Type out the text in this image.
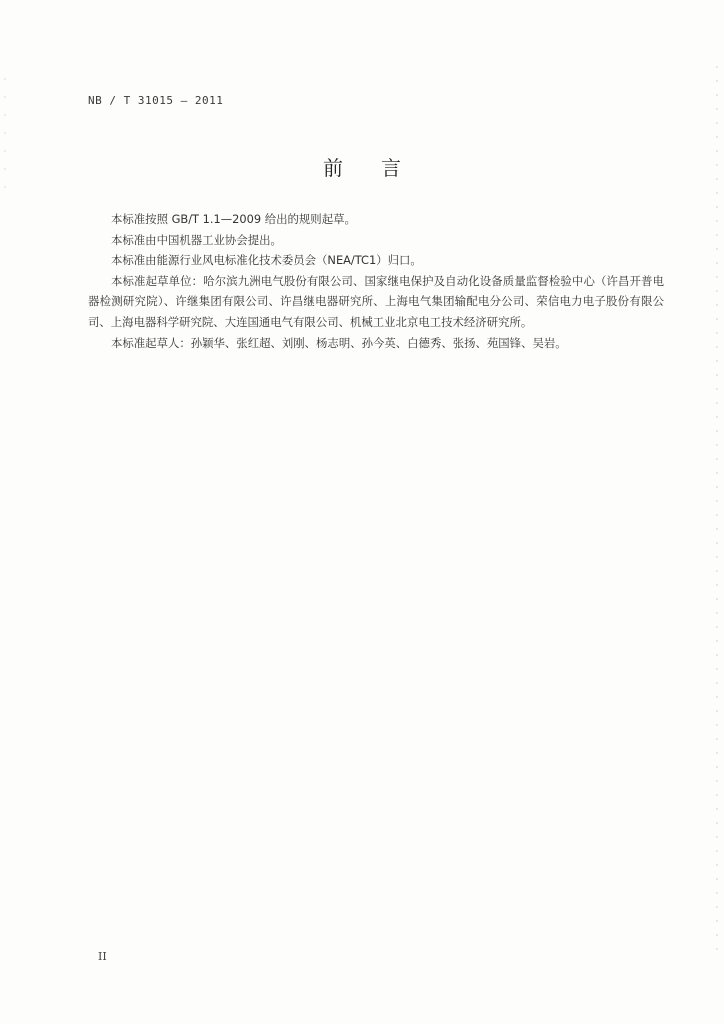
NB / T 31015 — 2011
前言

本标准按照 GB/T 1.1—2009 给出的规则起草。

本标准由中国机器工业协会提出。

本标准由能源行业风电标准化技术委员会（NEA/TC1）归口。

本标准起草单位：哈尔滨九洲电气股份有限公司、国家继电保护及自动化设备质量监督检验中心（许昌开普电器检测研究院）、许继集团有限公司、许昌继电器研究所、上海电气集团输配电分公司、荣信电力电子股份有限公司、上海电器科学研究院、大连国通电气有限公司、机械工业北京电工技术经济研究所。

本标准起草人：孙颖华、张红超、刘刚、杨志明、孙今英、白德秀、张扬、苑国锋、吴岩。

II
